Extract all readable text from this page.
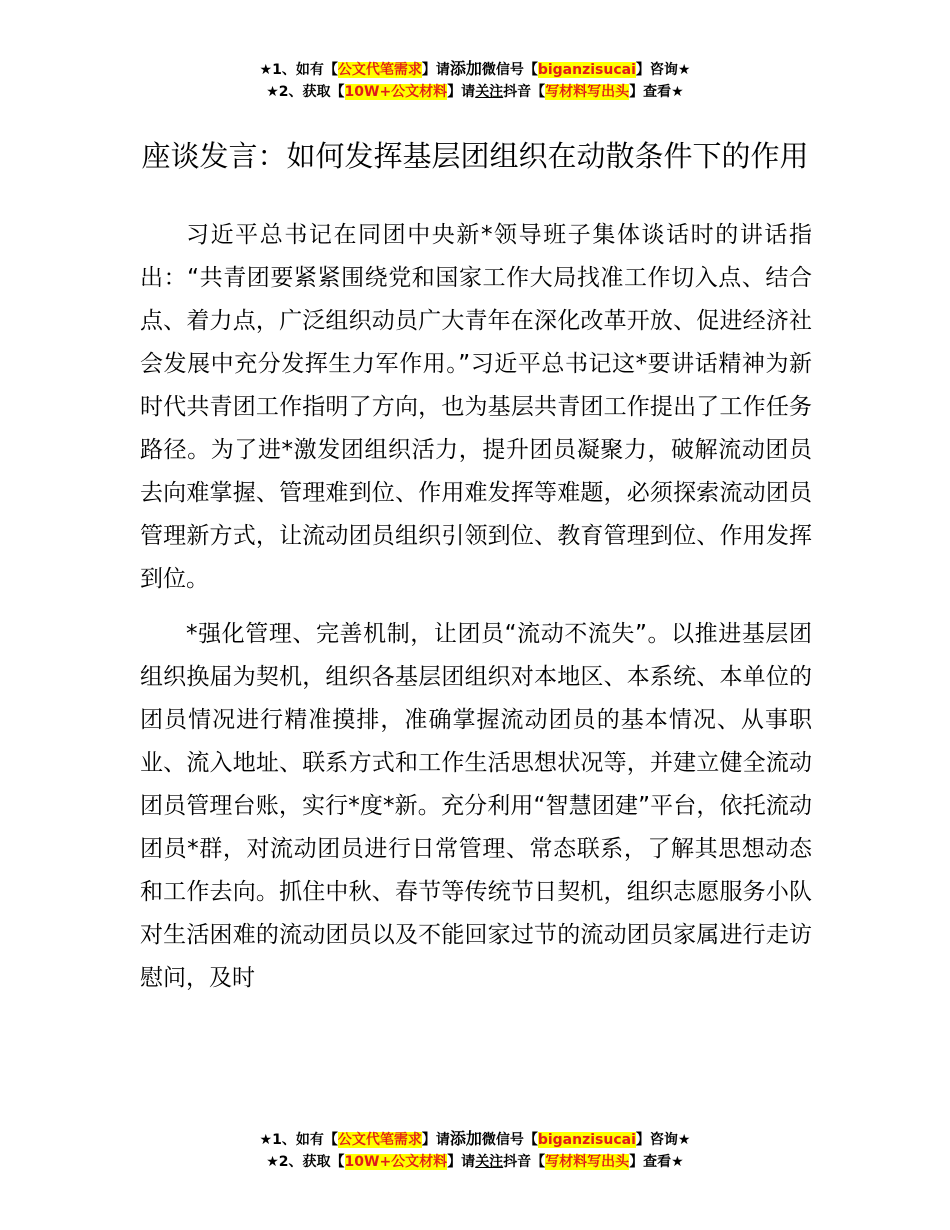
★1、如有【公文代笔需求】请添加微信号【biganzisucai】咨询★
★2、获取【10W+公文材料】请关注抖音【写材料写出头】查看★
座谈发言：如何发挥基层团组织在动散条件下的作用

习近平总书记在同团中央新*领导班子集体谈话时的讲话指出：“共青团要紧紧围绕党和国家工作大局找准工作切入点、结合点、着力点，广泛组织动员广大青年在深化改革开放、促进经济社会发展中充分发挥生力军作用。”习近平总书记这*要讲话精神为新时代共青团工作指明了方向，也为基层共青团工作提出了工作任务路径。为了进*激发团组织活力，提升团员凝聚力，破解流动团员去向难掌握、管理难到位、作用难发挥等难题，必须探索流动团员管理新方式，让流动团员组织引领到位、教育管理到位、作用发挥到位。

*强化管理、完善机制，让团员“流动不流失”。以推进基层团组织换届为契机，组织各基层团组织对本地区、本系统、本单位的团员情况进行精准摸排，准确掌握流动团员的基本情况、从事职业、流入地址、联系方式和工作生活思想状况等，并建立健全流动团员管理台账，实行*度*新。充分利用“智慧团建”平台，依托流动团员*群，对流动团员进行日常管理、常态联系，了解其思想动态和工作去向。抓住中秋、春节等传统节日契机，组织志愿服务小队对生活困难的流动团员以及不能回家过节的流动团员家属进行走访慰问，及时

★1、如有【公文代笔需求】请添加微信号【biganzisucai】咨询★
★2、获取【10W+公文材料】请关注抖音【写材料写出头】查看★
